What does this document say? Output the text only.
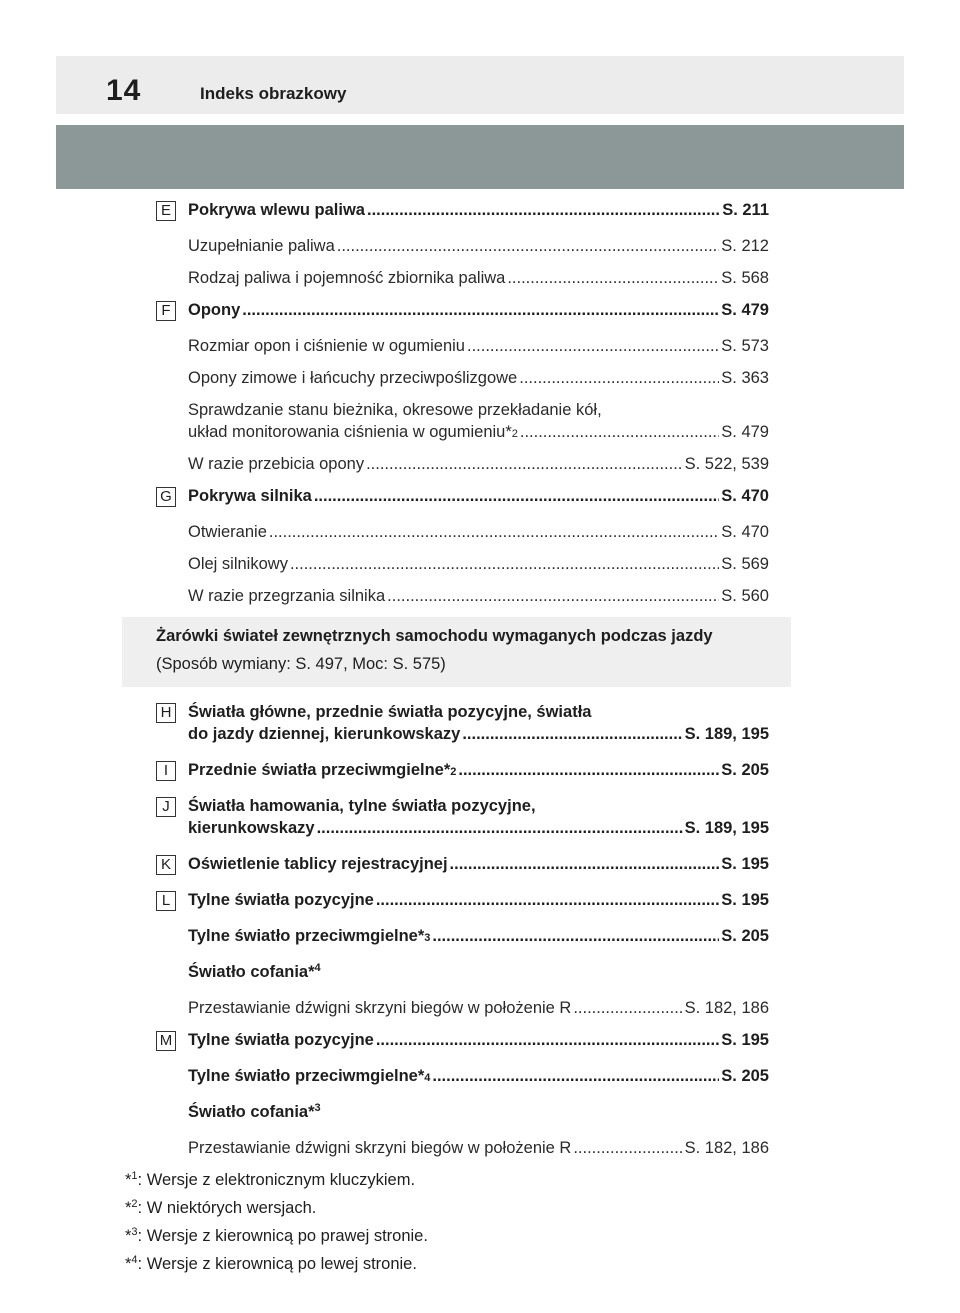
14	Indeks obrazkowy
E	Pokrywa wlewu paliwa .....	S. 211
Uzupełnianie paliwa .....	S. 212
Rodzaj paliwa i pojemność zbiornika paliwa .....	S. 568
F	Opony .....	S. 479
Rozmiar opon i ciśnienie w ogumieniu .....	S. 573
Opony zimowe i łańcuchy przeciwpoślizgowe .....	S. 363
Sprawdzanie stanu bieżnika, okresowe przekładanie kół,
układ monitorowania ciśnienia w ogumieniu* 2 .....	S. 479
W razie przebicia opony .....	S. 522, 539
G Pokrywa silnika .....	S. 470
Otwieranie .....	S. 470
Olej silnikowy .....	S. 569
W razie przegrzania silnika .....	S. 560
Żarówki świateł zewnętrznych samochodu wymaganych podczas jazdy
(Sposób wymiany: S. 497, Moc: S. 575)
H Światła główne, przednie światła pozycyjne, światła
do jazdy dziennej, kierunkowskazy .....	S. 189, 195
I	Przednie światła przeciwmgielne* 2 .....	S. 205
J	Światła hamowania, tylne światła pozycyjne,
kierunkowskazy .....	S. 189, 195
K	Oświetlenie tablicy rejestracyjnej .....	S. 195
L	Tylne światła pozycyjne .....	S. 195
Tylne światło przeciwmgielne* 3 .....	S. 205
Światło cofania*$^4$
Przestawianie dźwigni skrzyni biegów w położenie R .....	S. 182, 186
M Tylne światła pozycyjne .....	S. 195
Tylne światło przeciwmgielne* 4 .....	S. 205
Światło cofania*$^3$
Przestawianie dźwigni skrzyni biegów w położenie R .....	S. 182, 186
*$^1$: Wersje z elektronicznym kluczykiem.
*$^2$: W niektórych wersjach.
*$^3$: Wersje z kierownicą po prawej stronie.
*$^4$: Wersje z kierownicą po lewej stronie.
